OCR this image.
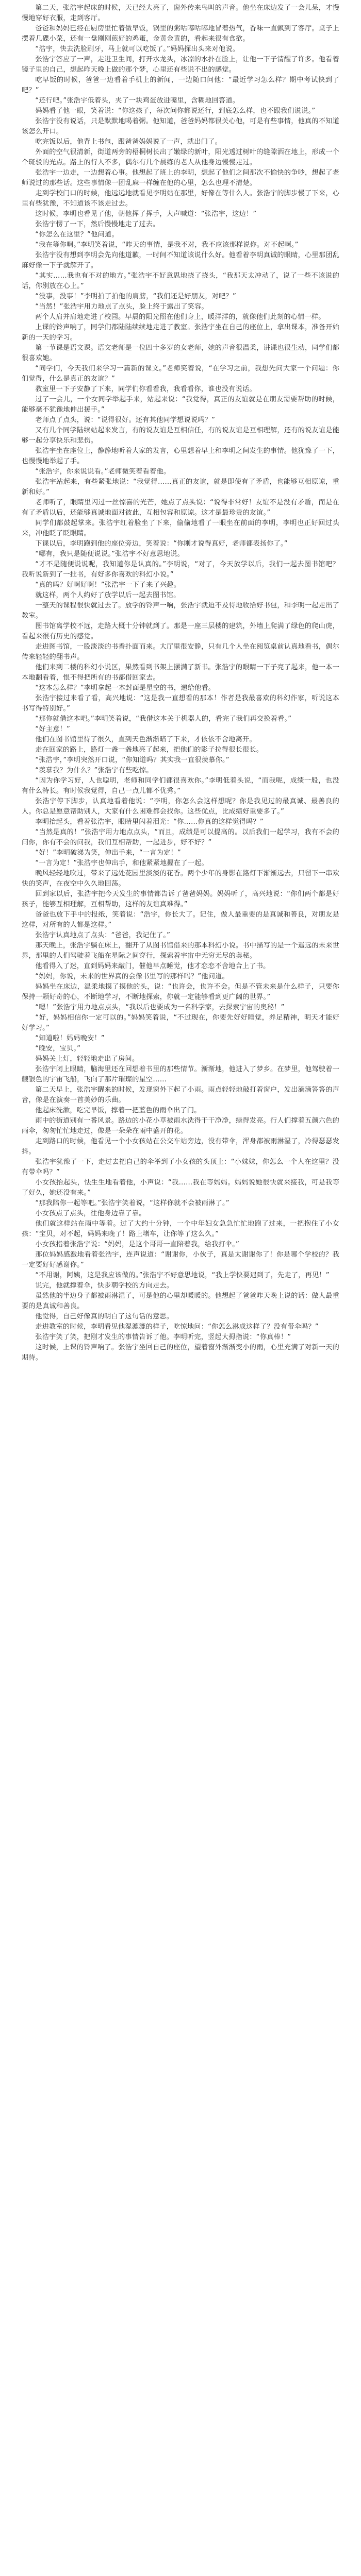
第二天，张浩宇起床的时候，天已经大亮了，窗外传来鸟叫的声音。他坐在床边发了一会儿呆，才慢慢地穿好衣服，走到客厅。

爸爸和妈妈已经在厨房里忙着做早饭，锅里的粥咕嘟咕嘟地冒着热气，香味一直飘到了客厅。桌子上摆着几碟小菜，还有一盘刚刚煎好的鸡蛋，金黄金黄的，看起来很有食欲。

“浩宇，快去洗脸刷牙，马上就可以吃饭了。”妈妈探出头来对他说。

张浩宇答应了一声，走进卫生间，打开水龙头，冰凉的水扑在脸上，让他一下子清醒了许多。他看着镜子里的自己，想起昨天晚上做的那个梦，心里还有些说不出的感觉。

吃早饭的时候，爸爸一边看着手机上的新闻，一边随口问他：“最近学习怎么样？期中考试快到了吧？”

“还行吧。”张浩宇低着头，夹了一块鸡蛋放进嘴里，含糊地回答道。

妈妈看了他一眼，笑着说：“你这孩子，每次问你都说还行，到底怎么样，也不跟我们说说。”

张浩宇没有说话，只是默默地喝着粥。他知道，爸爸妈妈都很关心他，可是有些事情，他真的不知道该怎么开口。

吃完饭以后，他背上书包，跟爸爸妈妈说了一声，就出门了。

外面的空气很清新，街道两旁的梧桐树长出了嫩绿的新叶，阳光透过树叶的缝隙洒在地上，形成一个个斑驳的光点。路上的行人不多，偶尔有几个晨练的老人从他身边慢慢走过。

张浩宇一边走，一边想着心事。他想起了班上的李明，想起了他们之间那次不愉快的争吵，想起了老师说过的那些话。这些事情像一团乱麻一样缠在他的心里，怎么也理不清楚。

走到学校门口的时候，他远远地就看见李明站在那里，好像在等什么人。张浩宇的脚步慢了下来，心里有些犹豫，不知道该不该走过去。

这时候，李明也看见了他，朝他挥了挥手，大声喊道：“张浩宇，这边！”

张浩宇愣了一下，然后慢慢地走了过去。

“你怎么在这里？”他问道。

“我在等你啊。”李明笑着说，“昨天的事情，是我不对，我不应该那样说你。对不起啊。”

张浩宇没有想到李明会先向他道歉，一时间不知道该说什么好。他看着李明真诚的眼睛，心里那团乱麻好像一下子就解开了。

“其实……我也有不对的地方。”张浩宇不好意思地挠了挠头，“我那天太冲动了，说了一些不该说的话，你别放在心上。”

“没事，没事！”李明拍了拍他的肩膀，“我们还是好朋友，对吧？”

“当然！”张浩宇用力地点了点头，脸上终于露出了笑容。

两个人肩并肩地走进了校园。早晨的阳光照在他们身上，暖洋洋的，就像他们此刻的心情一样。

上课的铃声响了，同学们都陆陆续续地走进了教室。张浩宇坐在自己的座位上，拿出课本，准备开始新的一天的学习。

第一节课是语文课。语文老师是一位四十多岁的女老师，她的声音很温柔，讲课也很生动，同学们都很喜欢她。

“同学们，今天我们来学习一篇新的课文。”老师笑着说，“在学习之前，我想先问大家一个问题：你们觉得，什么是真正的友谊？”

教室里一下子安静了下来，同学们你看看我，我看看你，谁也没有说话。

过了一会儿，一个女同学举起手来，站起来说：“我觉得，真正的友谊就是在朋友需要帮助的时候，能够毫不犹豫地伸出援手。”

老师点了点头，说：“说得很好。还有其他同学想说说吗？”

又有几个同学陆续站起来发言，有的说友谊是互相信任，有的说友谊是互相理解，还有的说友谊是能够一起分享快乐和悲伤。

张浩宇坐在座位上，静静地听着大家的发言，心里想着早上和李明之间发生的事情。他犹豫了一下，也慢慢地举起了手。

“张浩宇，你来说说看。”老师微笑着看着他。

张浩宇站起来，有些紧张地说：“我觉得……真正的友谊，就是即使有了矛盾，也能够互相原谅，重新和好。”

老师听了，眼睛里闪过一丝惊喜的光芒，她点了点头说：“说得非常好！友谊不是没有矛盾，而是在有了矛盾以后，还能够真诚地面对彼此，互相包容和原谅。这才是最珍贵的友谊。”

同学们都鼓起掌来。张浩宇红着脸坐了下来，偷偷地看了一眼坐在前面的李明，李明也正好回过头来，冲他眨了眨眼睛。

下课以后，李明跑到他的座位旁边，笑着说：“你刚才说得真好，老师都表扬你了。”

“哪有，我只是随便说说。”张浩宇不好意思地说。

“才不是随便说说呢，我知道你是认真的。”李明说，“对了，今天放学以后，我们一起去图书馆吧？我听说新到了一批书，有好多你喜欢的科幻小说。”

“真的吗？好啊好啊！”张浩宇一下子来了兴趣。

就这样，两个人约好了放学以后一起去图书馆。

一整天的课程很快就过去了。放学的铃声一响，张浩宇就迫不及待地收拾好书包，和李明一起走出了教室。

图书馆离学校不远，走路大概十分钟就到了。那是一座三层楼的建筑，外墙上爬满了绿色的爬山虎，看起来很有历史的感觉。

走进图书馆，一股淡淡的书香扑面而来。大厅里很安静，只有几个人坐在阅览桌前认真地看书，偶尔传来轻轻的翻书声。

他们来到二楼的科幻小说区，果然看到书架上摆满了新书。张浩宇的眼睛一下子亮了起来，他一本一本地翻看着，恨不得把所有的书都借回家去。

“这本怎么样？”李明拿起一本封面是星空的书，递给他看。

张浩宇接过来看了看，高兴地说：“这是我一直想看的那本！作者是我最喜欢的科幻作家，听说这本书写得特别好。”

“那你就借这本吧。”李明笑着说，“我借这本关于机器人的，看完了我们再交换着看。”

“好主意！”

他们在图书馆里待了很久，直到天色渐渐暗了下来，才依依不舍地离开。

走在回家的路上，路灯一盏一盏地亮了起来，把他们的影子拉得很长很长。

“张浩宇，”李明突然开口说，“你知道吗？其实我一直很羡慕你。”

“羡慕我？为什么？”张浩宇有些吃惊。

“因为你学习好，人也聪明，老师和同学们都很喜欢你。”李明低着头说，“而我呢，成绩一般，也没有什么特长。有时候我觉得，自己一点儿都不优秀。”

张浩宇停下脚步，认真地看着他说：“李明，你怎么会这样想呢？你是我见过的最真诚、最善良的人。你总是愿意帮助别人，大家有什么困难都会找你。这些优点，比成绩好重要多了。”

李明抬起头，看着张浩宇，眼睛里闪着泪光：“你……你真的这样觉得吗？”

“当然是真的！”张浩宇用力地点点头，“而且，成绩是可以提高的。以后我们一起学习，我有不会的问你，你有不会的问我，我们互相帮助，一起进步，好不好？”

“好！”李明破涕为笑，伸出手来，“一言为定！”

“一言为定！”张浩宇也伸出手，和他紧紧地握在了一起。

晚风轻轻地吹过，带来了远处花园里淡淡的花香。两个少年的身影在路灯下渐渐远去，只留下一串欢快的笑声，在夜空中久久地回荡。

回到家以后，张浩宇把今天发生的事情都告诉了爸爸妈妈。妈妈听了，高兴地说：“你们两个都是好孩子，能够互相理解，互相帮助，这样的友谊真难得。”

爸爸也放下手中的报纸，笑着说：“浩宇，你长大了。记住，做人最重要的是真诚和善良，对朋友是这样，对所有的人都是这样。”

张浩宇认真地点了点头：“爸爸，我记住了。”

那天晚上，张浩宇躺在床上，翻开了从图书馆借来的那本科幻小说。书中描写的是一个遥远的未来世界，那里的人们驾驶着飞船在星际之间穿行，探索着宇宙中无穷无尽的奥秘。

他看得入了迷，直到妈妈来敲门，催他早点睡觉，他才恋恋不舍地合上了书。

“妈妈，你说，未来的世界真的会像书里写的那样吗？”他问道。

妈妈坐在床边，温柔地摸了摸他的头，说：“也许会，也许不会。但是不管未来是什么样子，只要你保持一颗好奇的心，不断地学习，不断地探索，你就一定能够看到更广阔的世界。”

“嗯！”张浩宇用力地点点头，“我以后也要成为一名科学家，去探索宇宙的奥秘！”

“好，妈妈相信你一定可以的。”妈妈笑着说，“不过现在，你要先好好睡觉，养足精神，明天才能好好学习。”

“知道啦！妈妈晚安！”

“晚安，宝贝。”

妈妈关上灯，轻轻地走出了房间。

张浩宇闭上眼睛，脑海里还在回想着书里的那些情节。渐渐地，他进入了梦乡。在梦里，他驾驶着一艘银色的宇宙飞船，飞向了那片璀璨的星空……

第二天早上，张浩宇醒来的时候，发现窗外下起了小雨。雨点轻轻地敲打着窗户，发出滴滴答答的声音，像是在演奏一首美妙的乐曲。

他起床洗漱，吃完早饭，撑着一把蓝色的雨伞出了门。

雨中的街道别有一番风景。路边的小花小草被雨水洗得干干净净，绿得发亮。行人们撑着五颜六色的雨伞，匆匆忙忙地走过，像是一朵朵在雨中盛开的花。

走到路口的时候，他看见一个小女孩站在公交车站旁边，没有带伞，浑身都被雨淋湿了，冷得瑟瑟发抖。

张浩宇犹豫了一下，走过去把自己的伞举到了小女孩的头顶上：“小妹妹，你怎么一个人在这里？没有带伞吗？”

小女孩抬起头，怯生生地看着他，小声说：“我……我在等妈妈。妈妈说她很快就来接我，可是我等了好久，她还没有来。”

“那我陪你一起等吧。”张浩宇笑着说，“这样你就不会被雨淋了。”

小女孩点了点头，往他身边靠了靠。

他们就这样站在雨中等着。过了大约十分钟，一个中年妇女急急忙忙地跑了过来，一把抱住了小女孩：“宝贝，对不起，妈妈来晚了！路上堵车，让你等了这么久。”

小女孩指着张浩宇说：“妈妈，是这个哥哥一直陪着我，给我打伞。”

那位妈妈感激地看着张浩宇，连声说道：“谢谢你，小伙子，真是太谢谢你了！你是哪个学校的？我一定要好好感谢你。”

“不用谢，阿姨，这是我应该做的。”张浩宇不好意思地说，“我上学快要迟到了，先走了，再见！”

说完，他就撑着伞，快步朝学校的方向走去。

虽然他的半边身子都被雨淋湿了，可是他的心里却暖暖的。他想起了爸爸昨天晚上说的话：做人最重要的是真诚和善良。

他觉得，自己好像真的明白了这句话的意思。

走进教室的时候，李明看见他湿漉漉的样子，吃惊地问：“你怎么淋成这样了？没有带伞吗？”

张浩宇笑了笑，把刚才发生的事情告诉了他。李明听完，竖起大拇指说：“你真棒！”

这时候，上课的铃声响了。张浩宇坐回自己的座位，望着窗外渐渐变小的雨，心里充满了对新一天的期待。
